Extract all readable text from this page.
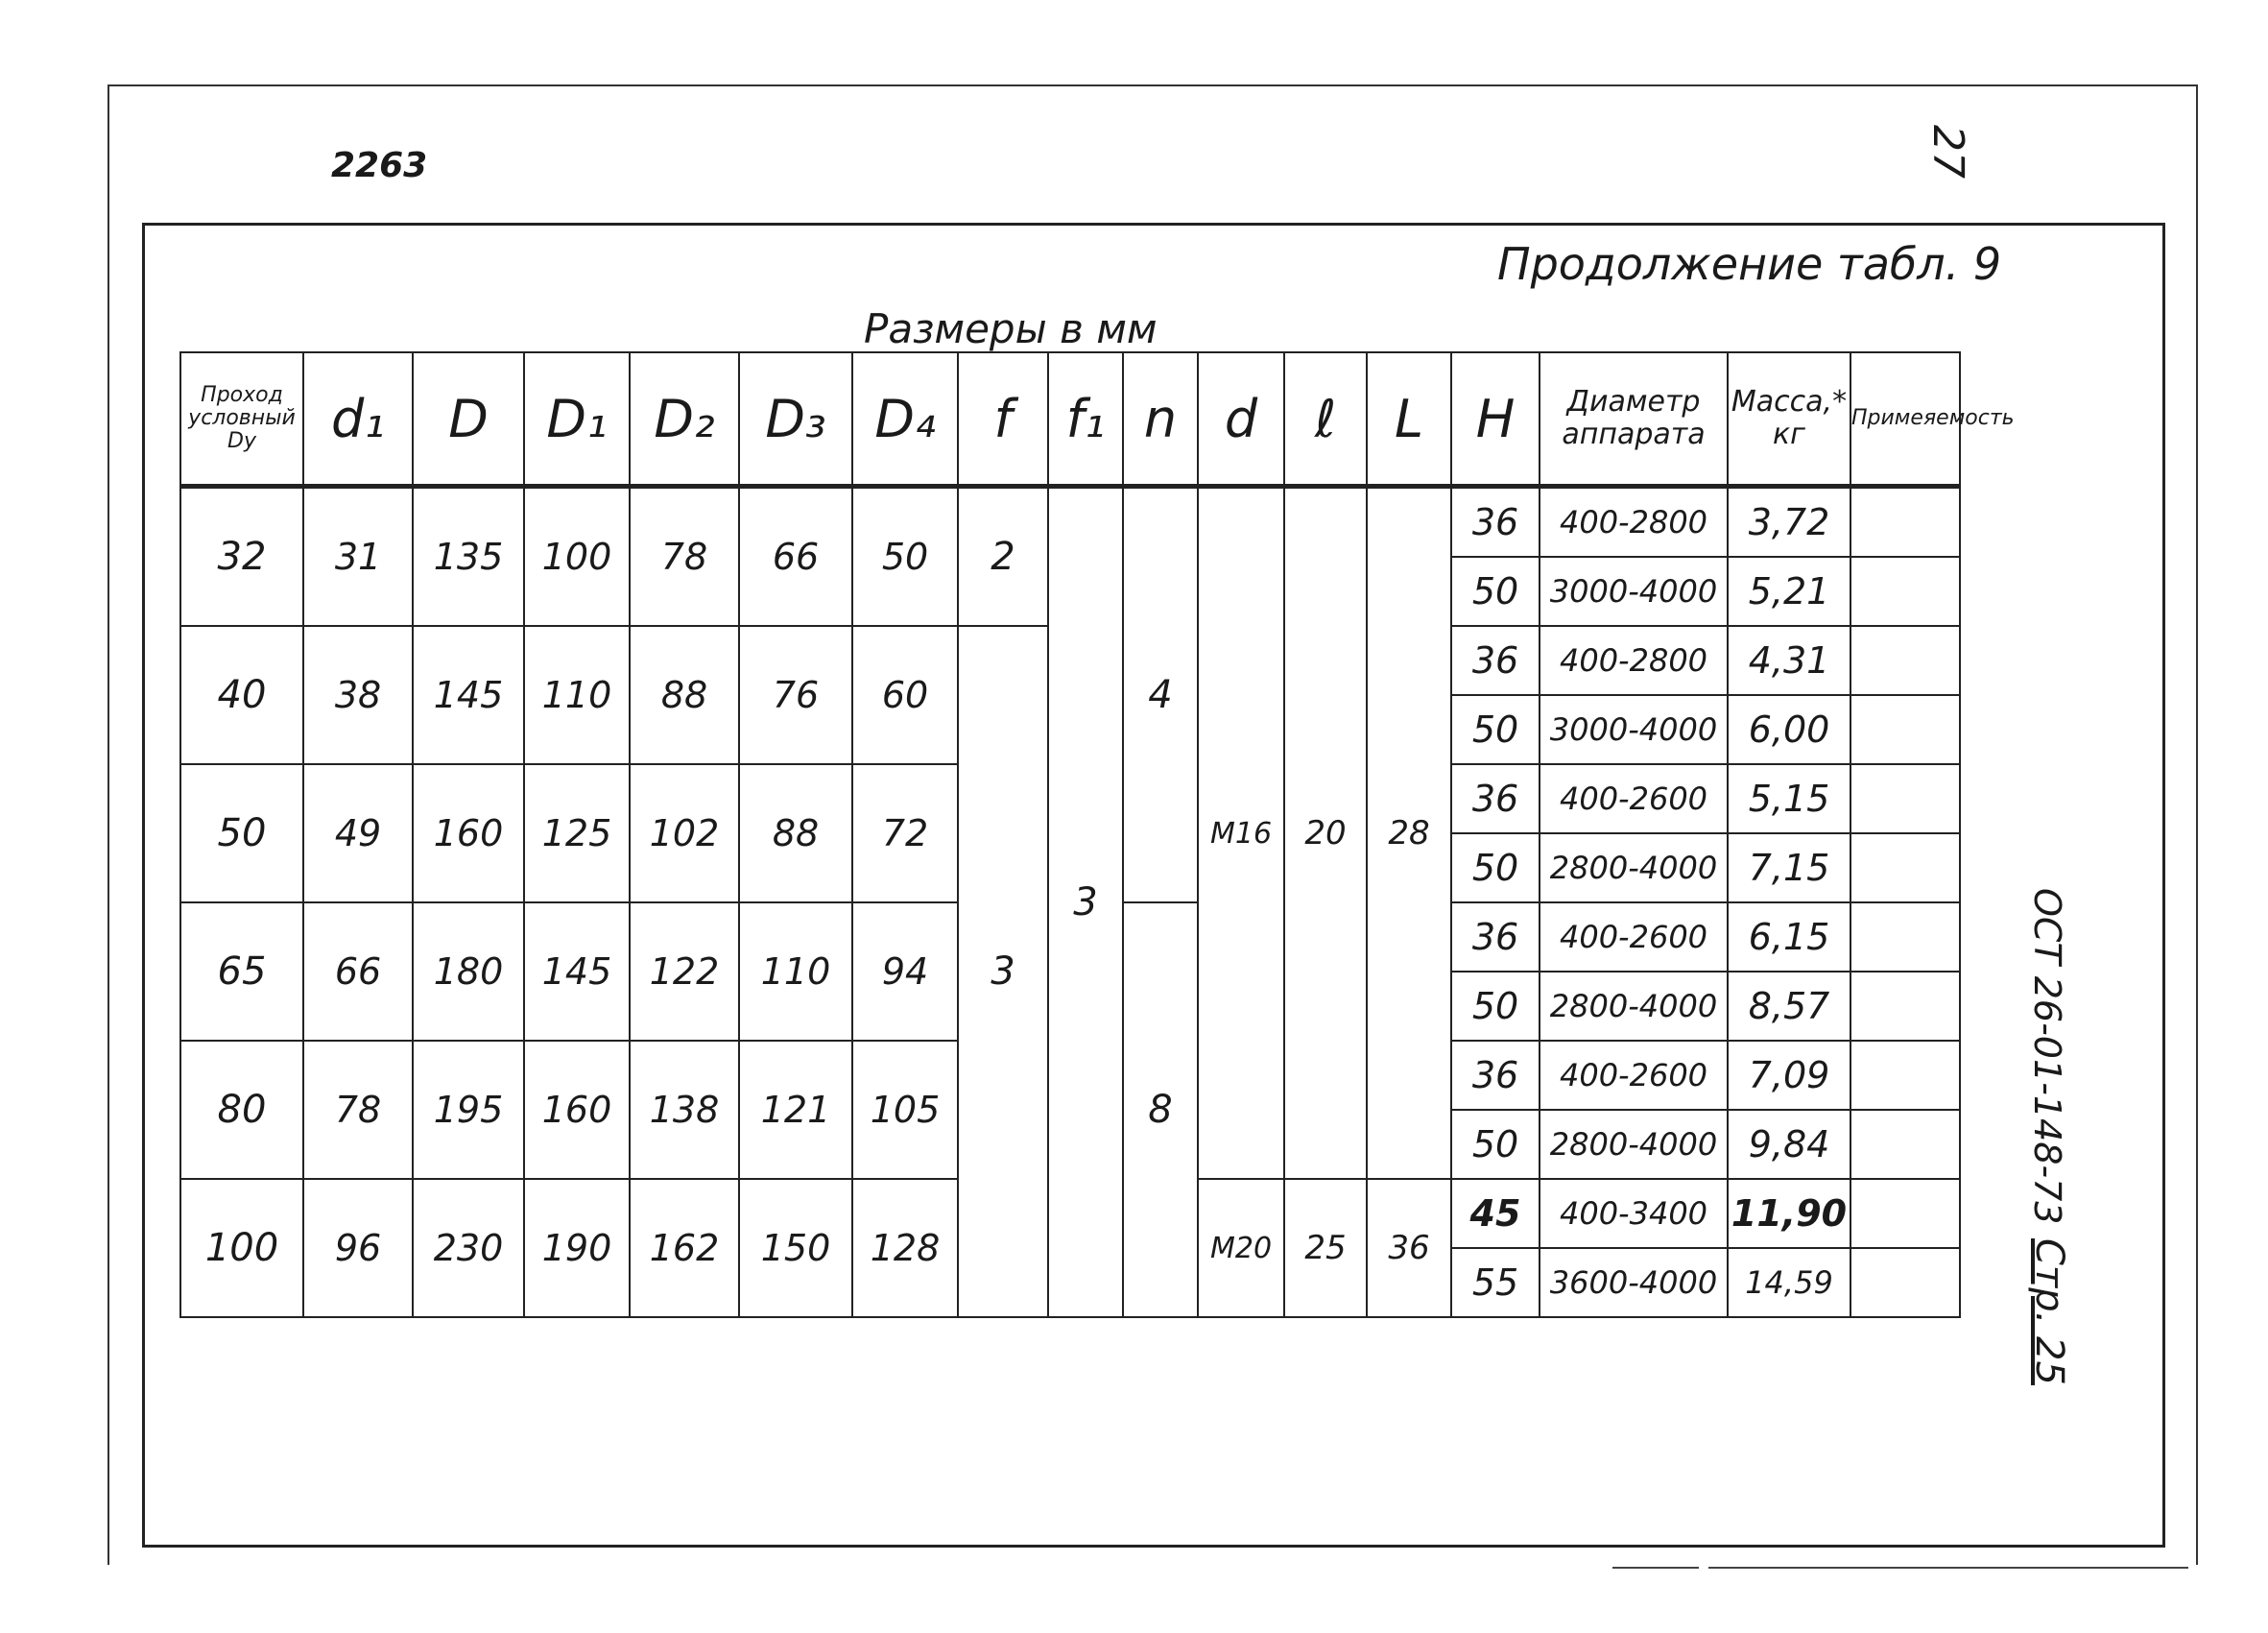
2263	27
Продолжение табл. 9
Размеры в мм
ОСТ 26-01-148-73
Стр. 25
Проход условный Dу	d₁	D	D₁	D₂	D₃	D₄	f	f₁	n	d	ℓ	L	H	Диаметр аппарата	Масса,* кг	Примеяемость
32	31	135	100	78	66	50	2	3	4	M16	20	28	36	400-2800	3,72	
													50	3000-4000	5,21	
40	38	145	110	88	76	60	3						36	400-2800	4,31	
													50	3000-4000	6,00	
50	49	160	125	102	88	72							36	400-2600	5,15	
													50	2800-4000	7,15	
65	66	180	145	122	110	94			8				36	400-2600	6,15	
													50	2800-4000	8,57	
80	78	195	160	138	121	105							36	400-2600	7,09	
													50	2800-4000	9,84	
100	96	230	190	162	150	128				M20	25	36	45	400-3400	11,90	
													55	3600-4000	14,59	
